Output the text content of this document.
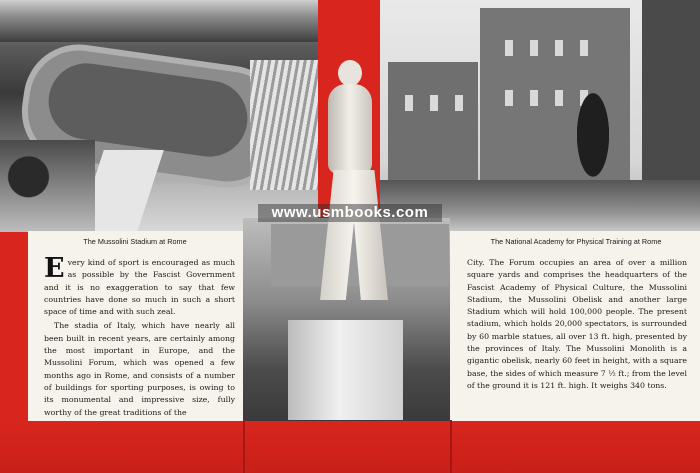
www.usmbooks.com
The Mussolini Stadium at Rome	The National Academy for Physical Training at Rome

Every kind of sport is encouraged as much as possible by the Fascist Government and it is no exaggeration to say that few countries have done so much in such a short space of time and with such zeal.

The stadia of Italy, which have nearly all been built in recent years, are certainly among the most important in Europe, and the Mussolini Forum, which was opened a few months ago in Rome, and consists of a number of buildings for sporting purposes, is owing to its monumental and impressive size, fully worthy of the great traditions of the

City. The Forum occupies an area of over a million square yards and comprises the headquarters of the Fascist Academy of Physical Culture, the Mussolini Stadium, the Mussolini Obelisk and another large Stadium which will hold 100,000 people. The present stadium, which holds 20,000 spectators, is surrounded by 60 marble statues, all over 13 ft. high, presented by the provinces of Italy. The Mussolini Monolith is a gigantic obelisk, nearly 60 feet in height, with a square base, the sides of which measure 7 ½ ft.; from the level of the ground it is 121 ft. high. It weighs 340 tons.
